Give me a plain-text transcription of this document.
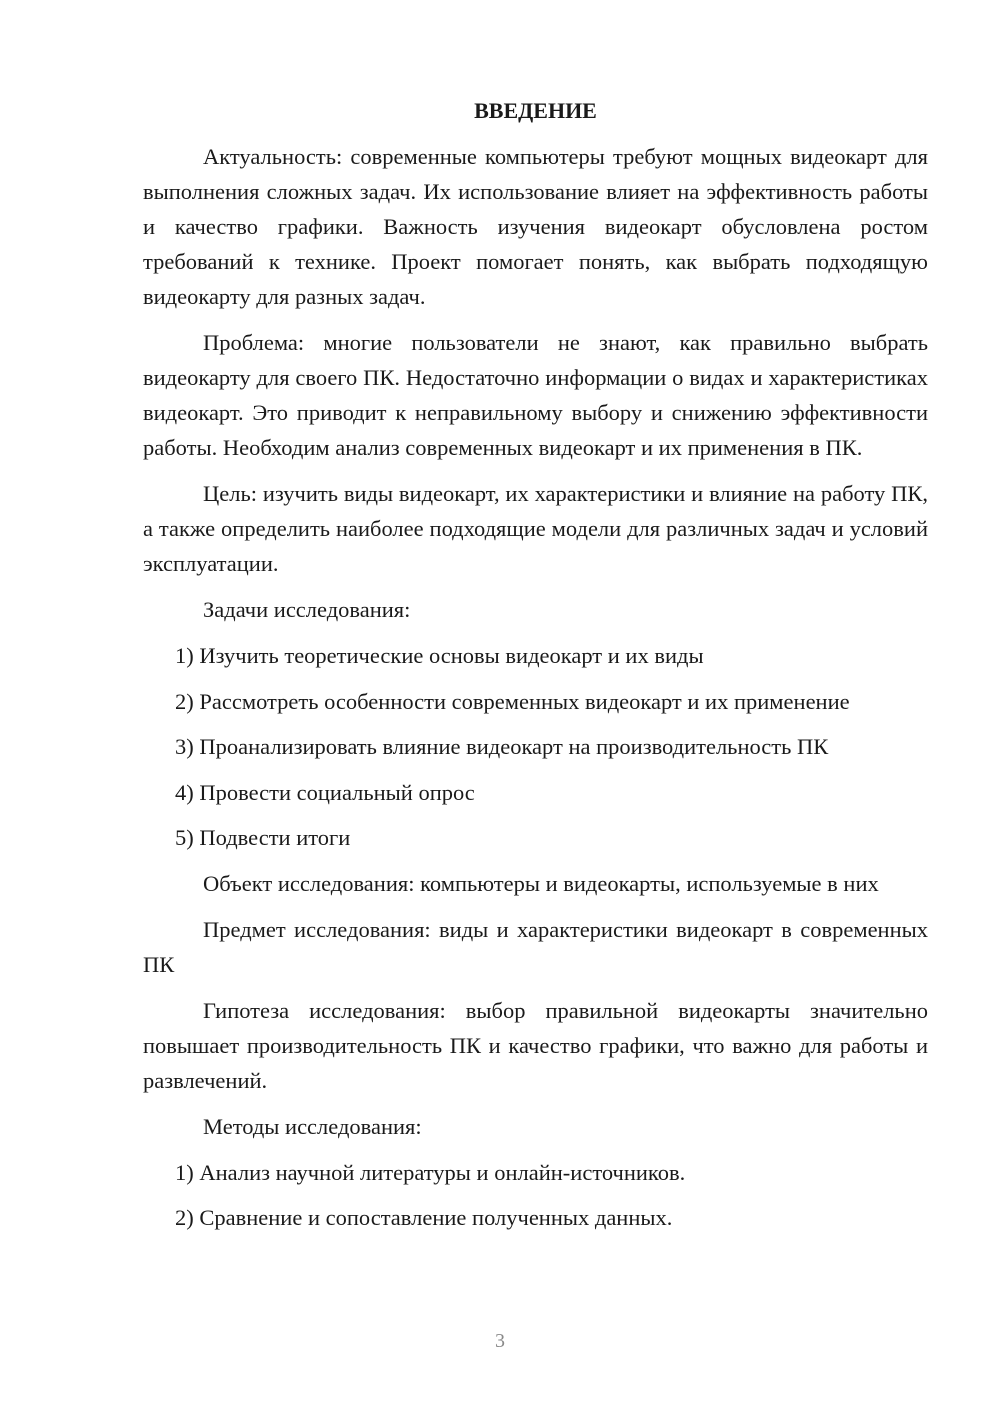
ВВЕДЕНИЕ

Актуальность: современные компьютеры требуют мощных видеокарт для выполнения сложных задач. Их использование влияет на эффективность работы и качество графики. Важность изучения видеокарт обусловлена ростом требований к технике. Проект помогает понять, как выбрать подходящую видеокарту для разных задач.

Проблема: многие пользователи не знают, как правильно выбрать видеокарту для своего ПК. Недостаточно информации о видах и характеристиках видеокарт. Это приводит к неправильному выбору и снижению эффективности работы. Необходим анализ современных видеокарт и их применения в ПК.

Цель: изучить виды видеокарт, их характеристики и влияние на работу ПК, а также определить наиболее подходящие модели для различных задач и условий эксплуатации.

Задачи исследования:

1) Изучить теоретические основы видеокарт и их виды

2) Рассмотреть особенности современных видеокарт и их применение

3) Проанализировать влияние видеокарт на производительность ПК

4) Провести социальный опрос

5) Подвести итоги

Объект исследования: компьютеры и видеокарты, используемые в них

Предмет исследования: виды и характеристики видеокарт в современных ПК

Гипотеза исследования: выбор правильной видеокарты значительно повышает производительность ПК и качество графики, что важно для работы и развлечений.

Методы исследования:

1) Анализ научной литературы и онлайн-источников.

2) Сравнение и сопоставление полученных данных.

3
